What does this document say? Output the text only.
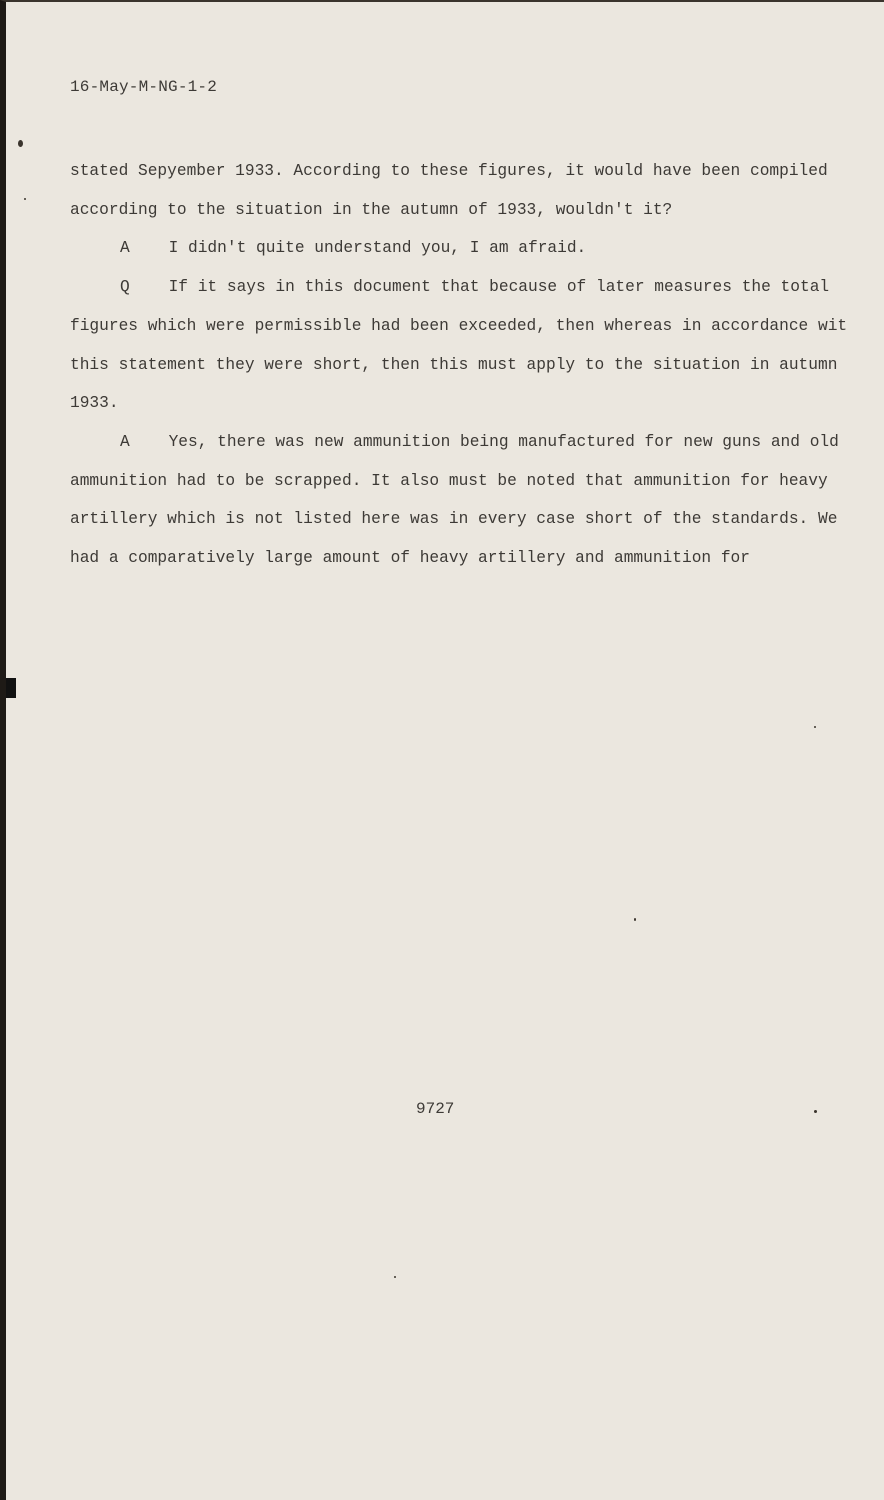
16-May-M-NG-1-2
stated Sepyember 1933. According to these figures, it would have been compiled
according to the situation in the autumn of 1933, wouldn't it?
A    I didn't quite understand you, I am afraid.
Q    If it says in this document that because of later measures the total
figures which were permissible had been exceeded, then whereas in accordance wit
this statement they were short, then this must apply to the situation in autumn
1933.
A    Yes, there was new ammunition being manufactured for new guns and old
ammunition had to be scrapped. It also must be noted that ammunition for heavy
artillery which is not listed here was in every case short of the standards. We
had a comparatively large amount of heavy artillery and ammunition for
9727
